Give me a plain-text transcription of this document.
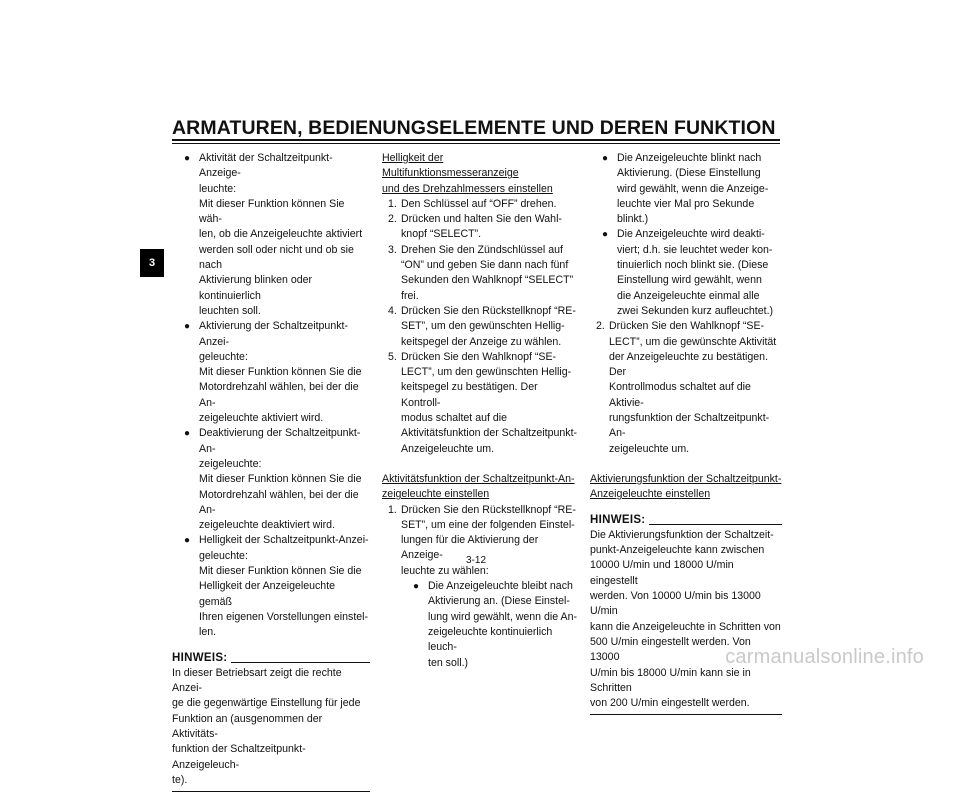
ARMATUREN, BEDIENUNGSELEMENTE UND DEREN FUNKTION
3
● Aktivität der Schaltzeitpunkt-Anzeige-
leuchte:
Mit dieser Funktion können Sie wäh-
len, ob die Anzeigeleuchte aktiviert
werden soll oder nicht und ob sie nach
Aktivierung blinken oder kontinuierlich
leuchten soll.
● Aktivierung der Schaltzeitpunkt-Anzei-
geleuchte:
Mit dieser Funktion können Sie die
Motordrehzahl wählen, bei der die An-
zeigeleuchte aktiviert wird.
● Deaktivierung der Schaltzeitpunkt-An-
zeigeleuchte:
Mit dieser Funktion können Sie die
Motordrehzahl wählen, bei der die An-
zeigeleuchte deaktiviert wird.
● Helligkeit der Schaltzeitpunkt-Anzei-
geleuchte:
Mit dieser Funktion können Sie die
Helligkeit der Anzeigeleuchte gemäß
Ihren eigenen Vorstellungen einstel-
len.
HINWEIS:
In dieser Betriebsart zeigt die rechte Anzei-
ge die gegenwärtige Einstellung für jede
Funktion an (ausgenommen der Aktivitäts-
funktion der Schaltzeitpunkt-Anzeigeleuch-
te).
Helligkeit der Multifunktionsmesseranzeige
und des Drehzahlmessers einstellen
1. Den Schlüssel auf “OFF” drehen.
2. Drücken und halten Sie den Wahl-
knopf “SELECT”.
3. Drehen Sie den Zündschlüssel auf
“ON” und geben Sie dann nach fünf
Sekunden den Wahlknopf “SELECT”
frei.
4. Drücken Sie den Rückstellknopf “RE-
SET”, um den gewünschten Hellig-
keitspegel der Anzeige zu wählen.
5. Drücken Sie den Wahlknopf “SE-
LECT”, um den gewünschten Hellig-
keitspegel zu bestätigen. Der Kontroll-
modus schaltet auf die
Aktivitätsfunktion der Schaltzeitpunkt-
Anzeigeleuchte um.
Aktivitätsfunktion der Schaltzeitpunkt-An-
zeigeleuchte einstellen
1. Drücken Sie den Rückstellknopf “RE-
SET”, um eine der folgenden Einstel-
lungen für die Aktivierung der Anzeige-
leuchte zu wählen:
● Die Anzeigeleuchte bleibt nach
Aktivierung an. (Diese Einstel-
lung wird gewählt, wenn die An-
zeigeleuchte kontinuierlich leuch-
ten soll.)
● Die Anzeigeleuchte blinkt nach
Aktivierung. (Diese Einstellung
wird gewählt, wenn die Anzeige-
leuchte vier Mal pro Sekunde
blinkt.)
● Die Anzeigeleuchte wird deakti-
viert; d.h. sie leuchtet weder kon-
tinuierlich noch blinkt sie. (Diese
Einstellung wird gewählt, wenn
die Anzeigeleuchte einmal alle
zwei Sekunden kurz aufleuchtet.)
2. Drücken Sie den Wahlknopf “SE-
LECT”, um die gewünschte Aktivität
der Anzeigeleuchte zu bestätigen. Der
Kontrollmodus schaltet auf die Aktivie-
rungsfunktion der Schaltzeitpunkt-An-
zeigeleuchte um.
Aktivierungsfunktion der Schaltzeitpunkt-
Anzeigeleuchte einstellen
HINWEIS:
Die Aktivierungsfunktion der Schaltzeit-
punkt-Anzeigeleuchte kann zwischen
10000 U/min und 18000 U/min eingestellt
werden. Von 10000 U/min bis 13000 U/min
kann die Anzeigeleuchte in Schritten von
500 U/min eingestellt werden. Von 13000
U/min bis 18000 U/min kann sie in Schritten
von 200 U/min eingestellt werden.
3-12
carmanualsonline.info
